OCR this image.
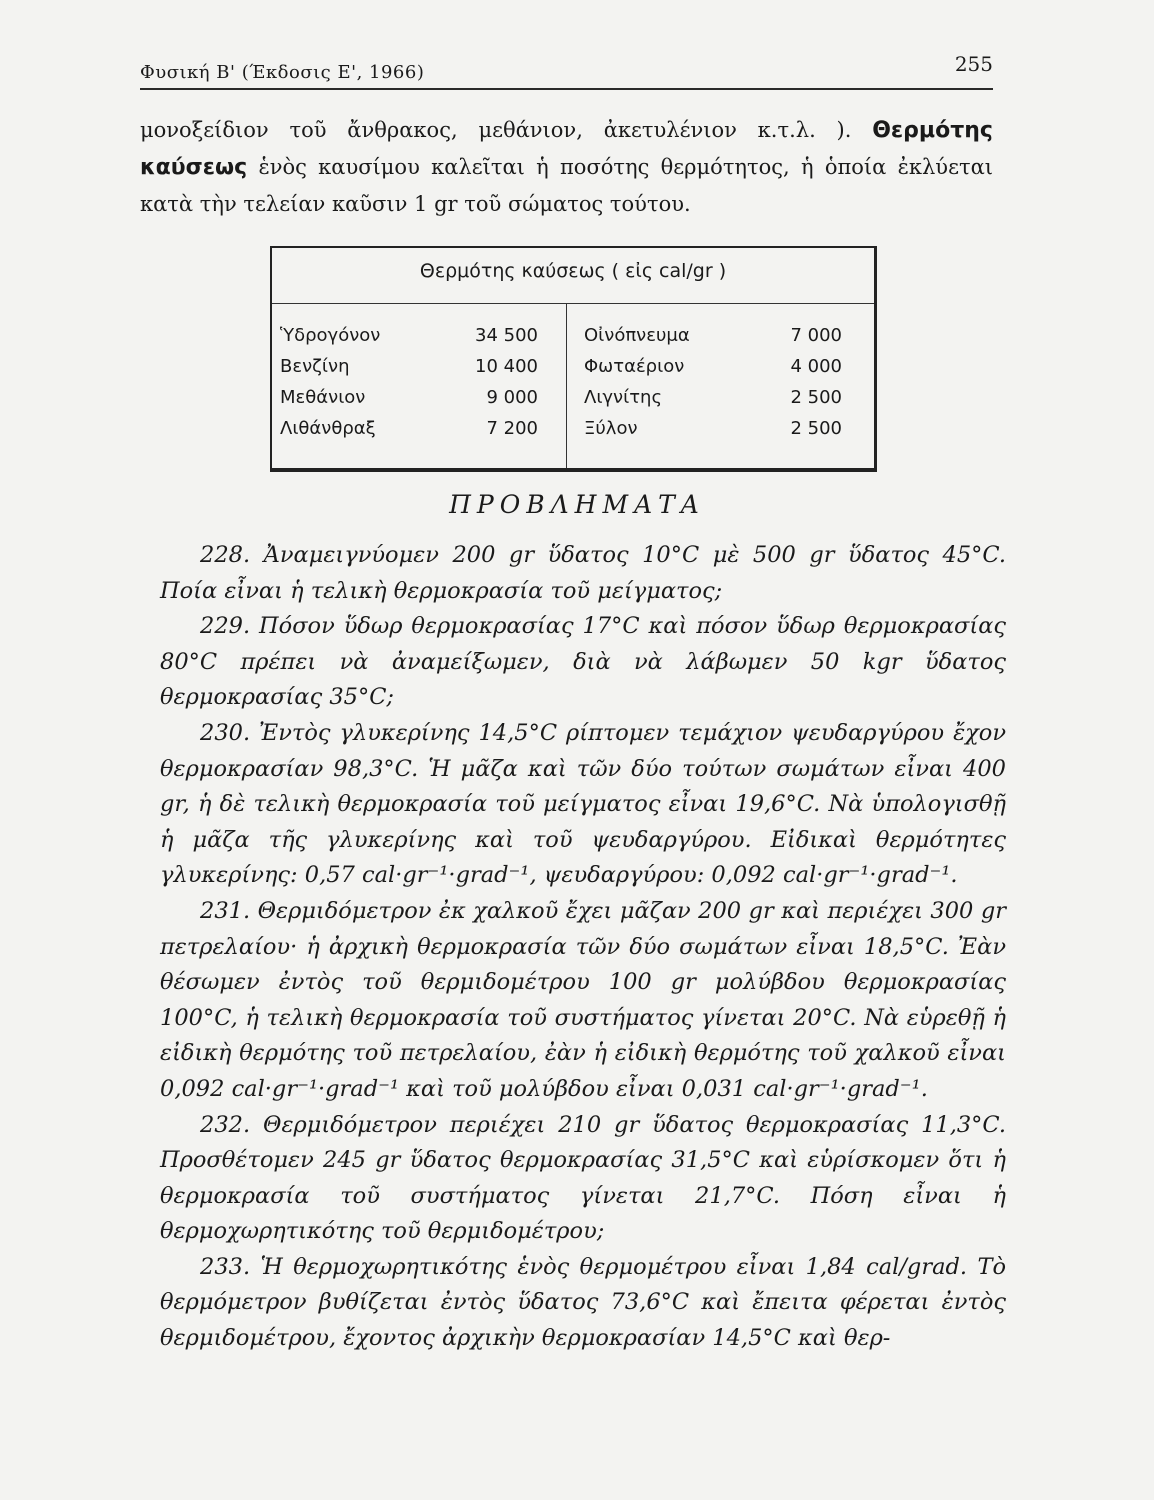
Φυσική Β' (Έκδοσις Ε', 1966)	255
μονοξείδιον τοῦ ἄνθρακος, μεθάνιον, ἀκετυλένιον κ.τ.λ. ). Θερμότης καύσεως ἑνὸς καυσίμου καλεῖται ἡ ποσότης θερμότητος, ἡ ὁποία ἐκλύεται κατὰ τὴν τελείαν καῦσιν 1 gr τοῦ σώματος τούτου.
Θερμότης καύσεως ( εἰς cal/gr )
Ὑδρογόνον
Βενζίνη
Μεθάνιον
Λιθάνθραξ
34 500
10 400
9 000
7 200
Οἰνόπνευμα
Φωταέριον
Λιγνίτης
Ξύλον
7 000
4 000
2 500
2 500
ΠΡΟΒΛΗΜΑΤΑ

228. Ἀναμειγνύομεν 200 gr ὕδατος 10°C μὲ 500 gr ὕδατος 45°C. Ποία εἶναι ἡ τελικὴ θερμοκρασία τοῦ μείγματος;

229. Πόσον ὕδωρ θερμοκρασίας 17°C καὶ πόσον ὕδωρ θερμοκρασίας 80°C πρέπει νὰ ἀναμείξωμεν, διὰ νὰ λάβωμεν 50 kgr ὕδατος θερμοκρασίας 35°C;

230. Ἐντὸς γλυκερίνης 14,5°C ρίπτομεν τεμάχιον ψευδαργύρου ἔχον θερμοκρασίαν 98,3°C. Ἡ μᾶζα καὶ τῶν δύο τούτων σωμάτων εἶναι 400 gr, ἡ δὲ τελικὴ θερμοκρασία τοῦ μείγματος εἶναι 19,6°C. Νὰ ὑπολογισθῇ ἡ μᾶζα τῆς γλυκερίνης καὶ τοῦ ψευδαργύρου. Εἰδικαὶ θερμότητες γλυκερίνης: 0,57 cal·gr⁻¹·grad⁻¹, ψευδαργύρου: 0,092 cal·gr⁻¹·grad⁻¹.

231. Θερμιδόμετρον ἐκ χαλκοῦ ἔχει μᾶζαν 200 gr καὶ περιέχει 300 gr πετρελαίου· ἡ ἀρχικὴ θερμοκρασία τῶν δύο σωμάτων εἶναι 18,5°C. Ἐὰν θέσωμεν ἐντὸς τοῦ θερμιδομέτρου 100 gr μολύβδου θερμοκρασίας 100°C, ἡ τελικὴ θερμοκρασία τοῦ συστήματος γίνεται 20°C. Νὰ εὑρεθῇ ἡ εἰδικὴ θερμότης τοῦ πετρελαίου, ἐὰν ἡ εἰδικὴ θερμότης τοῦ χαλκοῦ εἶναι 0,092 cal·gr⁻¹·grad⁻¹ καὶ τοῦ μολύβδου εἶναι 0,031 cal·gr⁻¹·grad⁻¹.

232. Θερμιδόμετρον περιέχει 210 gr ὕδατος θερμοκρασίας 11,3°C. Προσθέτομεν 245 gr ὕδατος θερμοκρασίας 31,5°C καὶ εὑρίσκομεν ὅτι ἡ θερμοκρασία τοῦ συστήματος γίνεται 21,7°C. Πόση εἶναι ἡ θερμοχωρητικότης τοῦ θερμιδομέτρου;

233. Ἡ θερμοχωρητικότης ἑνὸς θερμομέτρου εἶναι 1,84 cal/grad. Τὸ θερμόμετρον βυθίζεται ἐντὸς ὕδατος 73,6°C καὶ ἔπειτα φέρεται ἐντὸς θερμιδομέτρου, ἔχοντος ἀρχικὴν θερμοκρασίαν 14,5°C καὶ θερ-
